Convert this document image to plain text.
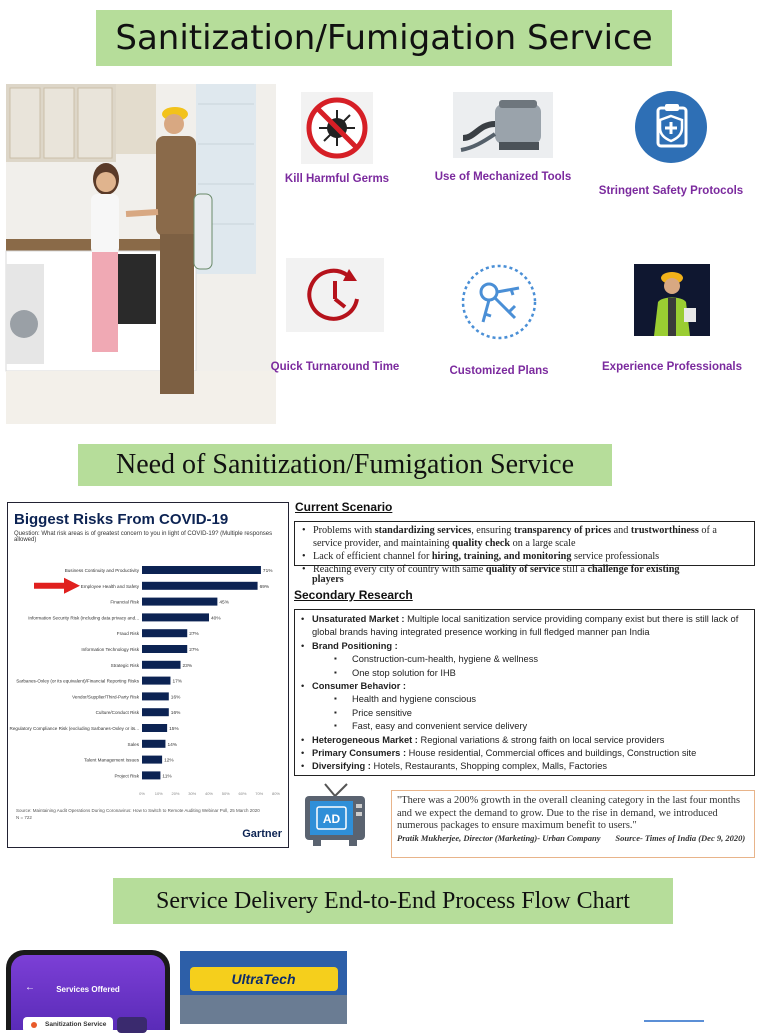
Sanitization/Fumigation Service
Need of Sanitization/Fumigation Service
Service Delivery End-to-End Process Flow Chart
Kill Harmful Germs	Use of Mechanized Tools
Stringent Safety Protocols
Quick Turnaround Time	Customized Plans	Experience Professionals
Biggest Risks From COVID-19
Question: What risk areas is of greatest concern to you in light of COVID-19? (Multiple responses allowed)
Business Continuity and Productivity	71%
Employee Health and Safety	69%
Financial Risk	45%
Information Security Risk (including data privacy and...	40%
Fraud Risk	27%
Information Technology Risk	27%
Strategic Risk	23%
Sarbanes-Oxley (or its equivalent)/Financial Reporting Risks	17%
Vendor/Supplier/Third-Party Risk	16%
Culture/Conduct Risk	16%
Regulatory Compliance Risk (excluding Sarbanes-Oxley or its...	15%
Sales	14%
Talent Management Issues	12%
Project Risk	11%
0% 10% 20% 30% 40% 50% 60% 70% 80%
Source: Maintaining Audit Operations During Coronavirus: How to Switch to Remote Auditing Webinar Poll, 25 March 2020
N = 722
Gartner
Current Scenario
• Problems with standardizing services, ensuring transparency of prices and trustworthiness of a service provider, and maintaining quality check on a large scale
• Lack of efficient channel for hiring, training, and monitoring service professionals
• Reaching every city of country with same quality of service still a challenge for existing
players
Secondary Research
• Unsaturated Market : Multiple local sanitization service providing company exist but there is still lack of global brands having integrated presence working in full fledged manner pan India
• Brand Positioning :
▪ Construction-cum-health, hygiene & wellness
▪ One stop solution for IHB
• Consumer Behavior :
▪ Health and hygiene conscious
▪ Price sensitive
▪ Fast, easy and convenient service delivery
• Heterogeneous Market : Regional variations & strong faith on local service providers
• Primary Consumers : House residential, Commercial offices and buildings, Construction site
• Diversifying : Hotels, Restaurants, Shopping complex, Malls, Factories
AD
"There was a 200% growth in the overall cleaning category in the last four months and we expect the demand to grow. Due to the rise in demand, we introduced numerous packages to ensure maximum benefit to users."
Pratik Mukherjee, Director (Marketing)- Urban Company Source- Times of India (Dec 9, 2020)
←	Services Offered
Sanitization Service
UltraTech
